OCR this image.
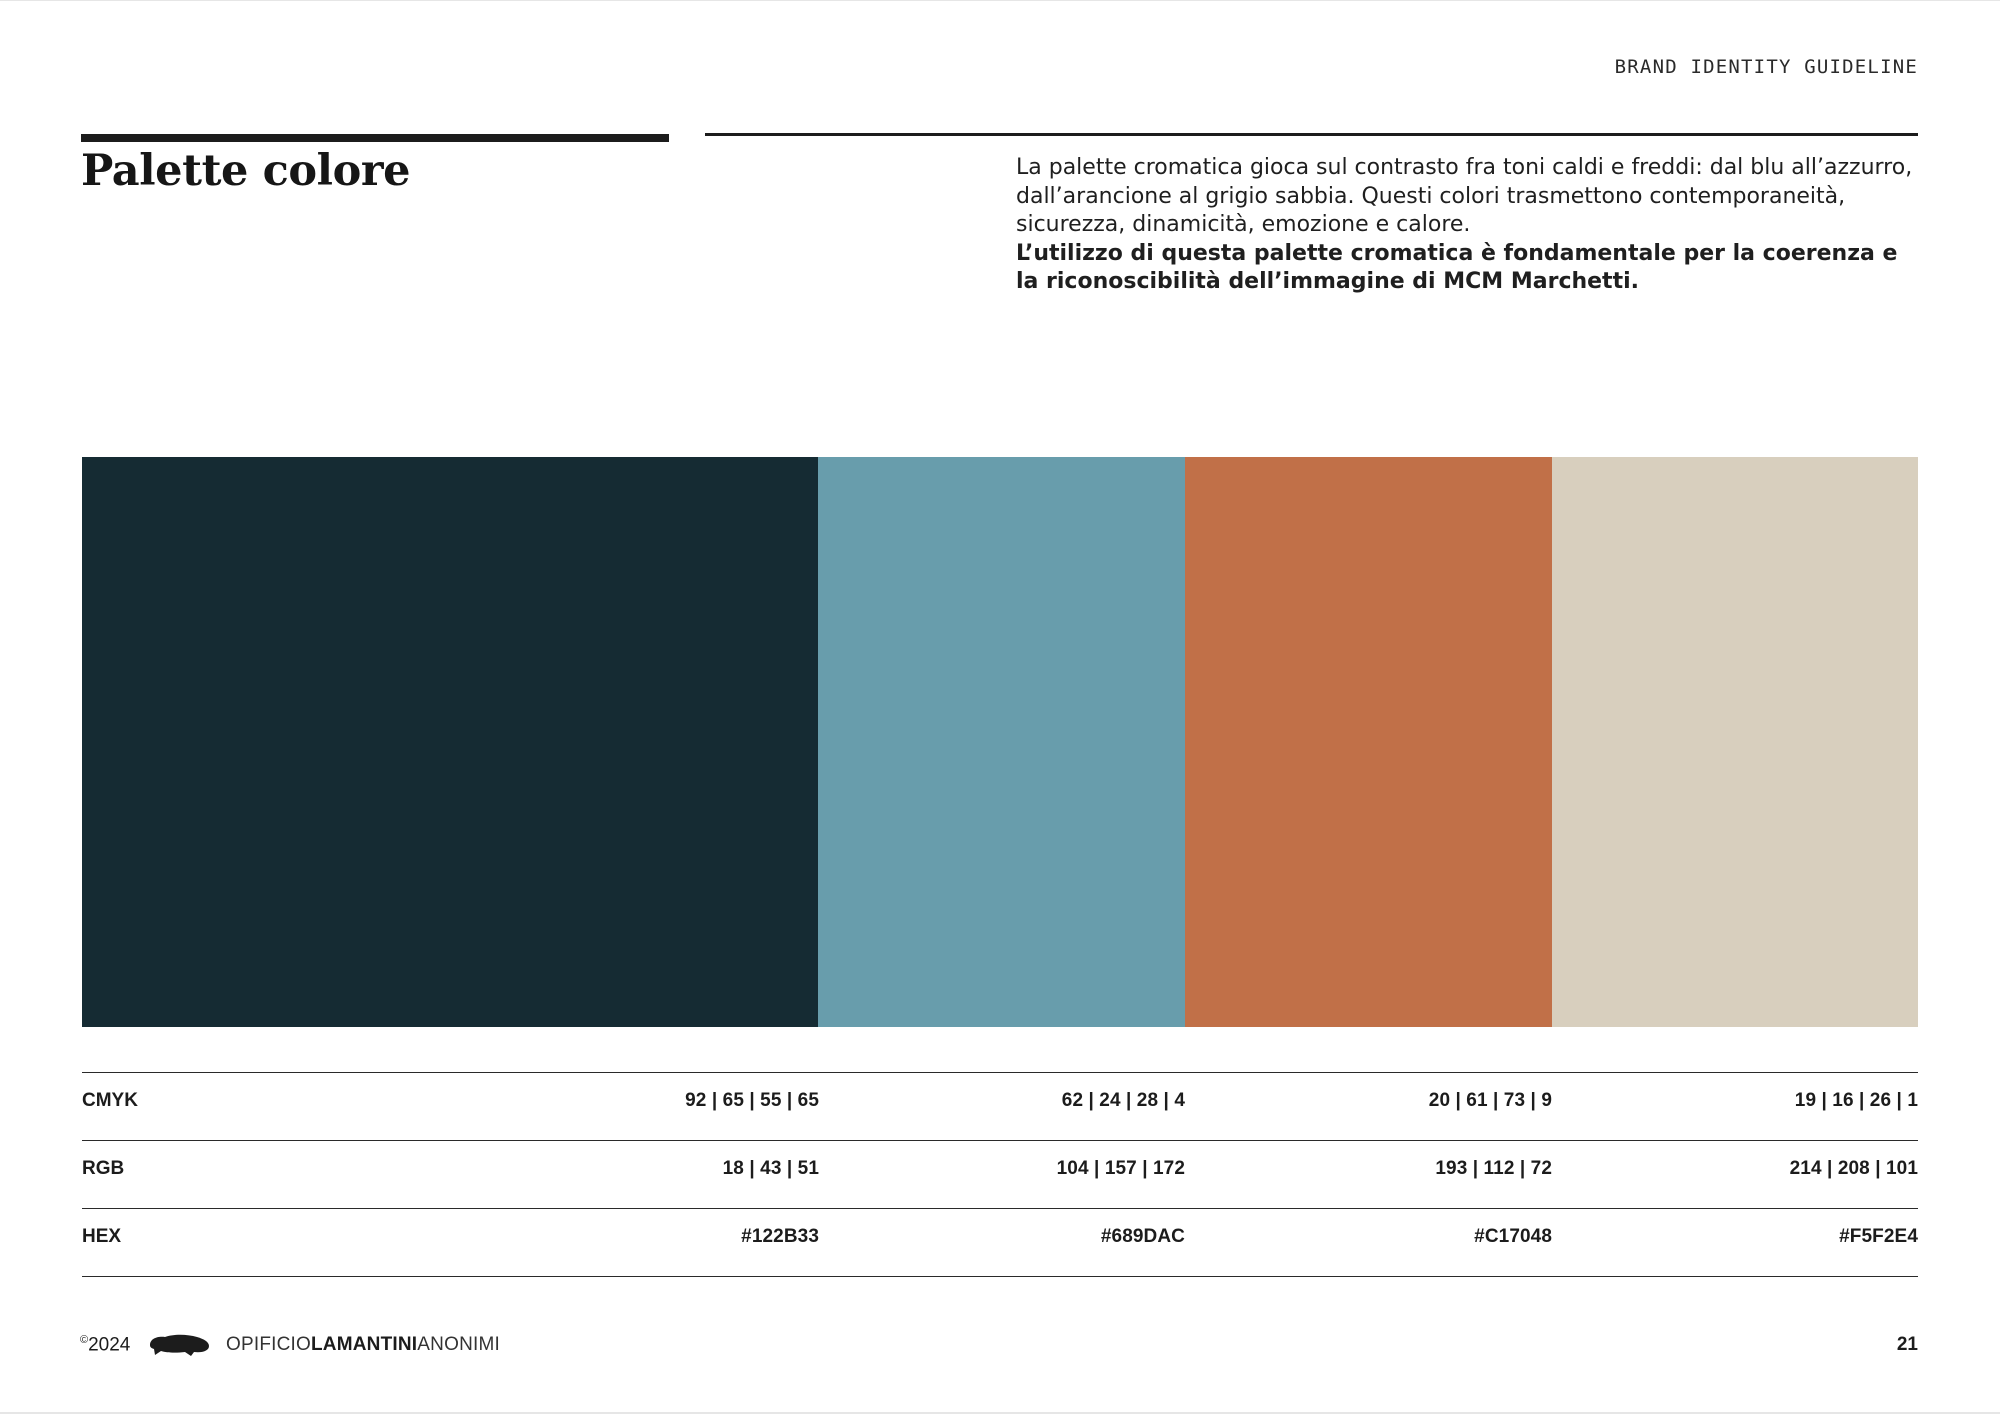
BRAND IDENTITY GUIDELINE
Palette colore	La palette cromatica gioca sul contrasto fra toni caldi e freddi: dal blu all’azzurro, dall’arancione al grigio sabbia. Questi colori trasmettono contemporaneità, sicurezza, dinamicità, emozione e calore.

L’utilizzo di questa palette cromatica è fondamentale per la coerenza e la riconoscibilità dell’immagine di MCM Marchetti.

CMYK	92 | 65 | 55 | 65	62 | 24 | 28 | 4	20 | 61 | 73 | 9	19 | 16 | 26 | 1
RGB	18 | 43 | 51	104 | 157 | 172	193 | 112 | 72	214 | 208 | 101
HEX	#122B33	#689DAC	#C17048	#F5F2E4
©2024	OPIFICIOLAMANTINIANONIMI	21
